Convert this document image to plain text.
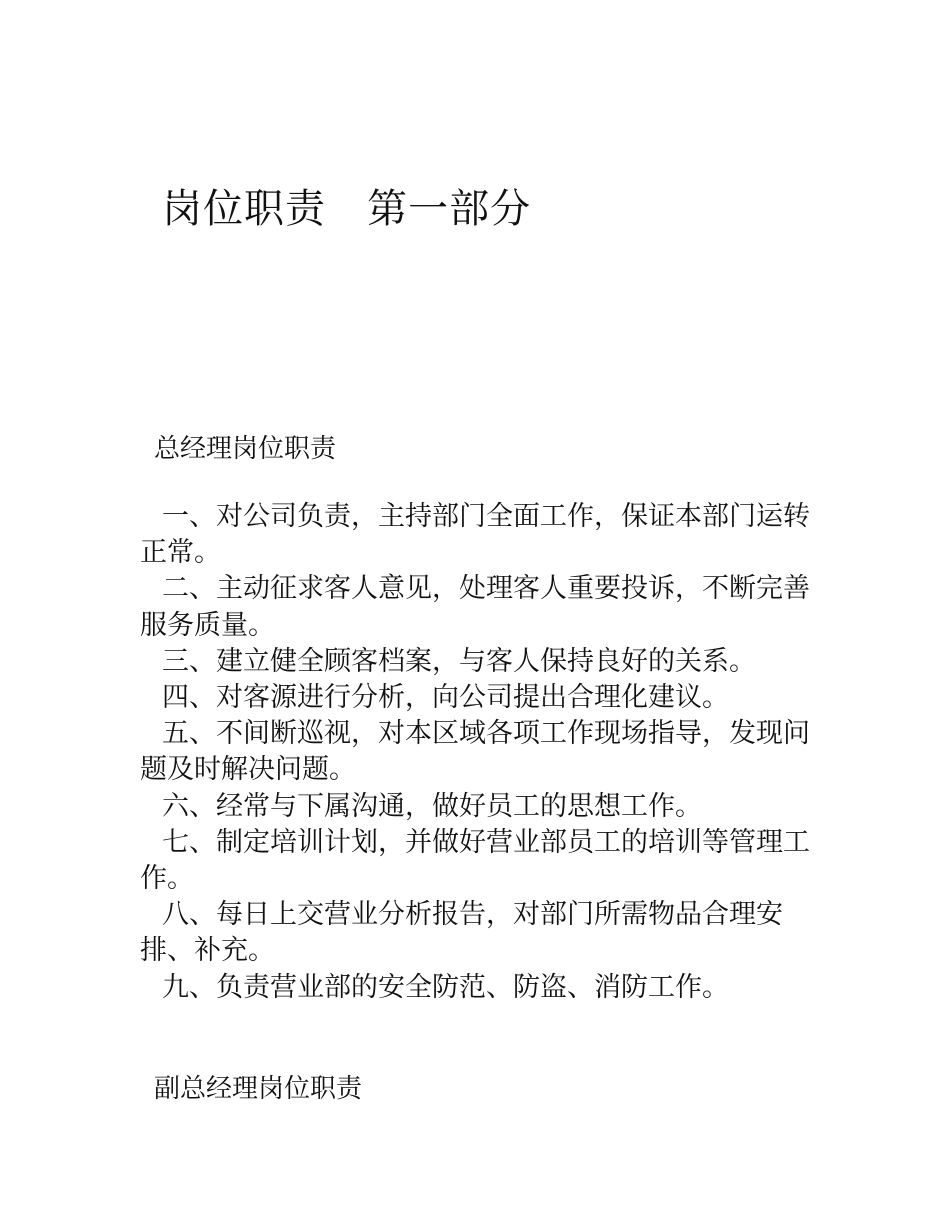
岗位职责   第一部分
总经理岗位职责
一、对公司负责，主持部门全面工作，保证本部门运转正常。
二、主动征求客人意见，处理客人重要投诉，不断完善服务质量。
三、建立健全顾客档案，与客人保持良好的关系。
四、对客源进行分析，向公司提出合理化建议。
五、不间断巡视，对本区域各项工作现场指导，发现问题及时解决问题。
六、经常与下属沟通，做好员工的思想工作。
七、制定培训计划，并做好营业部员工的培训等管理工作。
八、每日上交营业分析报告，对部门所需物品合理安排、补充。
九、负责营业部的安全防范、防盗、消防工作。
副总经理岗位职责
